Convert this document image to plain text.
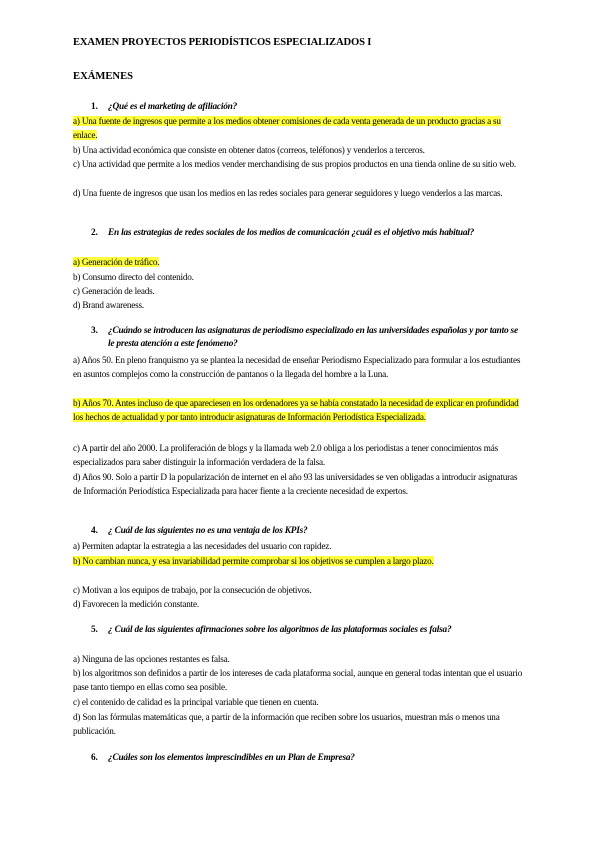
EXAMEN PROYECTOS PERIODÍSTICOS ESPECIALIZADOS I
EXÁMENES
1. ¿Qué es el marketing de afiliación?

a) Una fuente de ingresos que permite a los medios obtener comisiones de cada venta generada de un producto gracias a su enlace.

b) Una actividad económica que consiste en obtener datos (correos, teléfonos) y venderlos a terceros.

c) Una actividad que permite a los medios vender merchandising de sus propios productos en una tienda online de su sitio web.

d) Una fuente de ingresos que usan los medios en las redes sociales para generar seguidores y luego venderlos a las marcas.

2. En las estrategias de redes sociales de los medios de comunicación ¿cuál es el objetivo más habitual?

a) Generación de tráfico.

b) Consumo directo del contenido.

c) Generación de leads.

d) Brand awareness.

3. ¿Cuándo se introducen las asignaturas de periodismo especializado en las universidades españolas y por tanto se le presta atención a este fenómeno?

a) Años 50. En pleno franquismo ya se plantea la necesidad de enseñar Periodismo Especializado para formular a los estudiantes en asuntos complejos como la construcción de pantanos o la llegada del hombre a la Luna.

b) Años 70. Antes incluso de que apareciesen en los ordenadores ya se había constatado la necesidad de explicar en profundidad los hechos de actualidad y por tanto introducir asignaturas de Información Periodística Especializada.

c) A partir del año 2000. La proliferación de blogs y la llamada web 2.0 obliga a los periodistas a tener conocimientos más especializados para saber distinguir la información verdadera de la falsa.

d) Años 90. Solo a partir D la popularización de internet en el año 93 las universidades se ven obligadas a introducir asignaturas de Información Periodística Especializada para hacer fiente a la creciente necesidad de expertos.

4. ¿ Cuál de las siguientes no es una ventaja de los KPIs?

a) Permiten adaptar la estrategia a las necesidades del usuario con rapidez.

b) No cambian nunca, y esa invariabilidad permite comprobar si los objetivos se cumplen a largo plazo.

c) Motivan a los equipos de trabajo, por la consecución de objetivos.

d) Favorecen la medición constante.

5. ¿ Cuál de las siguientes afirmaciones sobre los algoritmos de las plataformas sociales es falsa?

a) Ninguna de las opciones restantes es falsa.

b) los algoritmos son definidos a partir de los intereses de cada plataforma social, aunque en general todas intentan que el usuario pase tanto tiempo en ellas como sea posible.

c) el contenido de calidad es la principal variable que tienen en cuenta.

d) Son las fórmulas matemáticas que, a partir de la información que reciben sobre los usuarios, muestran más o menos una publicación.

6. ¿Cuáles son los elementos imprescindibles en un Plan de Empresa?
